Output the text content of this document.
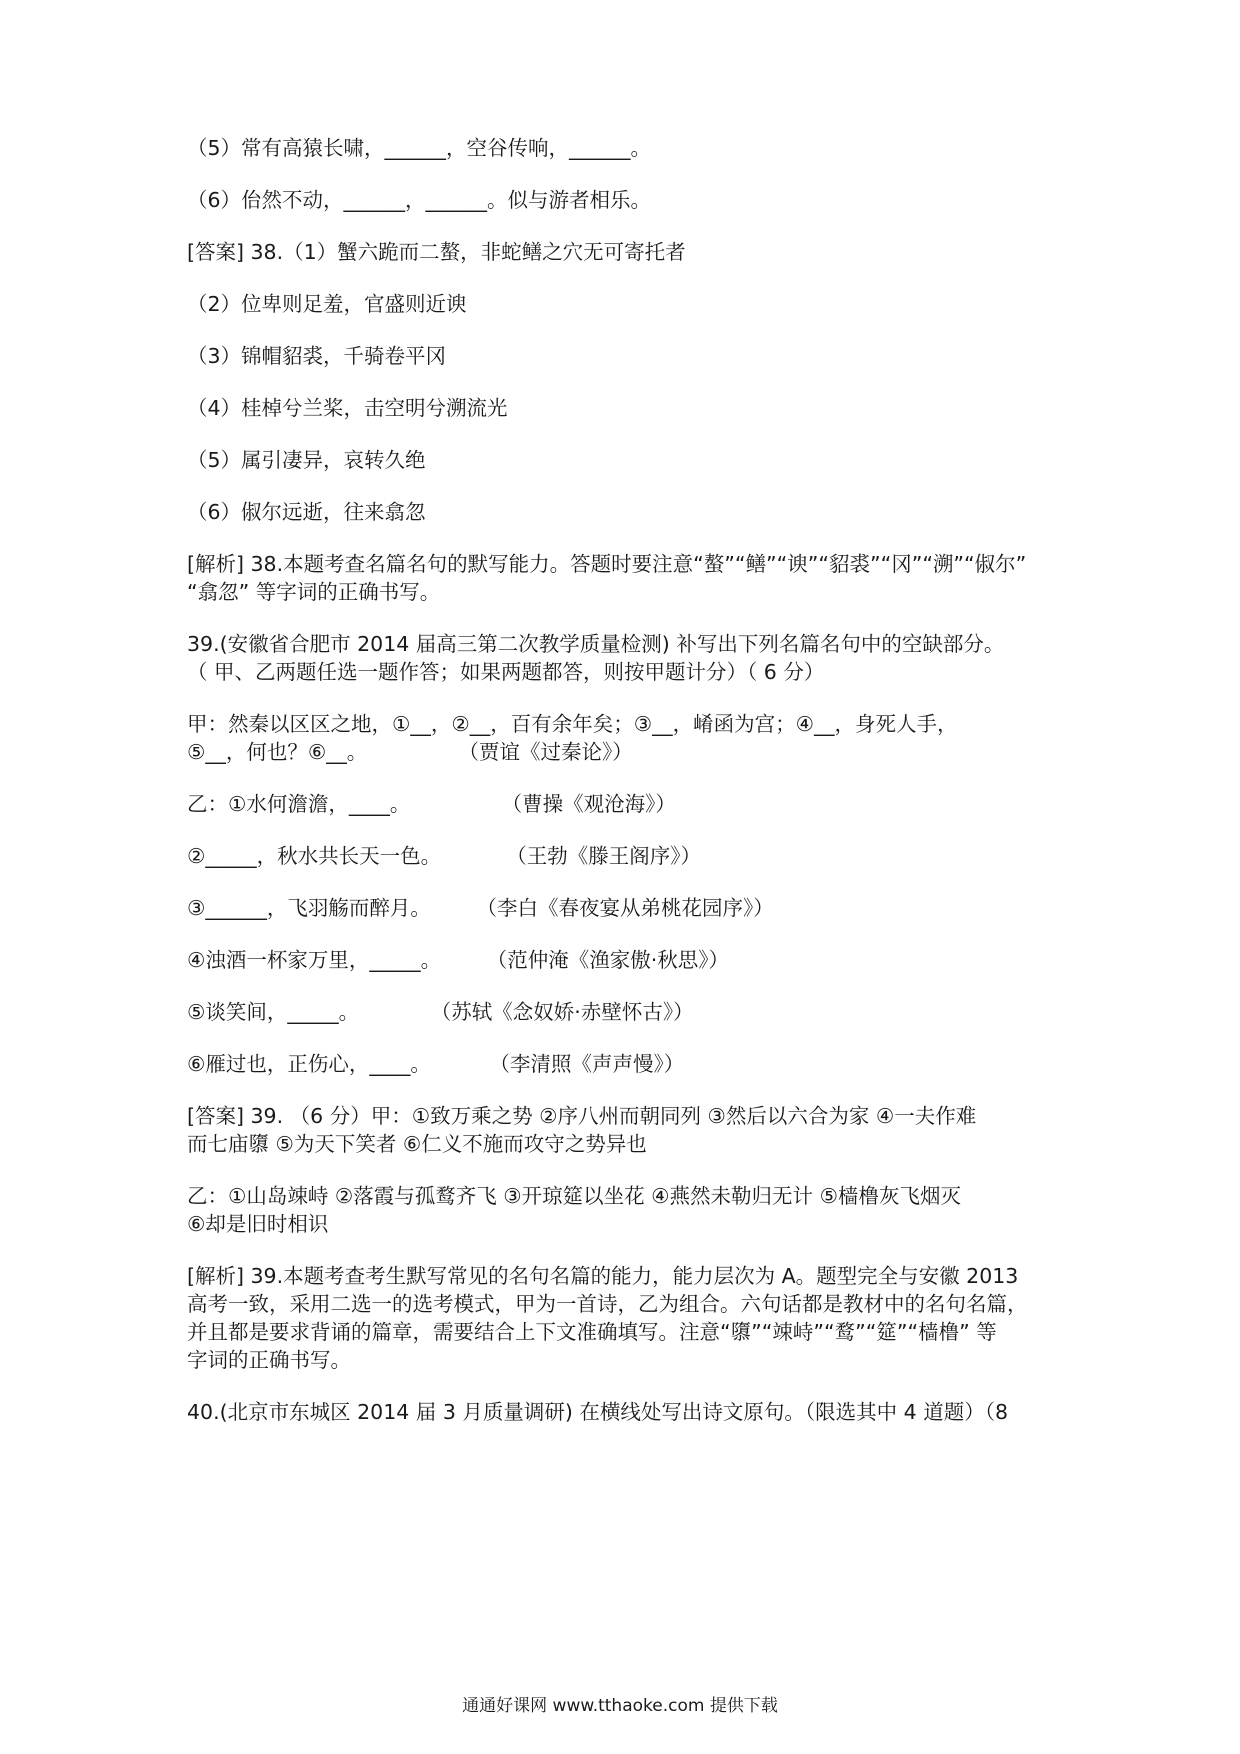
（5）常有高猿长啸，______，空谷传响，______。

（6）佁然不动，______，______。似与游者相乐。

[答案] 38.（1）蟹六跪而二螯，非蛇鳝之穴无可寄托者

（2）位卑则足羞，官盛则近谀

（3）锦帽貂裘，千骑卷平冈

（4）桂棹兮兰桨，击空明兮溯流光

（5）属引凄异，哀转久绝

（6）俶尔远逝，往来翕忽

[解析] 38.本题考查名篇名句的默写能力。答题时要注意“螯”“鳝”“谀”“貂裘”“冈”“溯”“俶尔”

“翕忽” 等字词的正确书写。

39.(安徽省合肥市 2014 届高三第二次教学质量检测) 补写出下列名篇名句中的空缺部分。

（ 甲、乙两题任选一题作答；如果两题都答，则按甲题计分）（ 6 分）

甲：然秦以区区之地，①__，②__，百有余年矣；③__，崤函为宫；④__，身死人手，

⑤__，何也？⑥__。              （贾谊《过秦论》）

乙：①水何澹澹，____。              （曹操《观沧海》）

②_____，秋水共长天一色。          （王勃《滕王阁序》）

③______，飞羽觞而醉月。       （李白《春夜宴从弟桃花园序》）

④浊酒一杯家万里，_____。       （范仲淹《渔家傲·秋思》）

⑤谈笑间，_____。           （苏轼《念奴娇·赤壁怀古》）

⑥雁过也，正伤心，____。         （李清照《声声慢》）

[答案] 39. （6 分）甲：①致万乘之势 ②序八州而朝同列 ③然后以六合为家 ④一夫作难

而七庙隳 ⑤为天下笑者 ⑥仁义不施而攻守之势异也

乙：①山岛竦峙 ②落霞与孤鹜齐飞 ③开琼筵以坐花 ④燕然未勒归无计 ⑤樯橹灰飞烟灭

⑥却是旧时相识

[解析] 39.本题考查考生默写常见的名句名篇的能力，能力层次为 A。题型完全与安徽 2013

高考一致，采用二选一的选考模式，甲为一首诗，乙为组合。六句话都是教材中的名句名篇，

并且都是要求背诵的篇章，需要结合上下文准确填写。注意“隳”“竦峙”“鹜”“筵”“樯橹” 等

字词的正确书写。

40.(北京市东城区 2014 届 3 月质量调研) 在横线处写出诗文原句。（限选其中 4 道题）（8

通通好课网 www.tthaoke.com 提供下载
